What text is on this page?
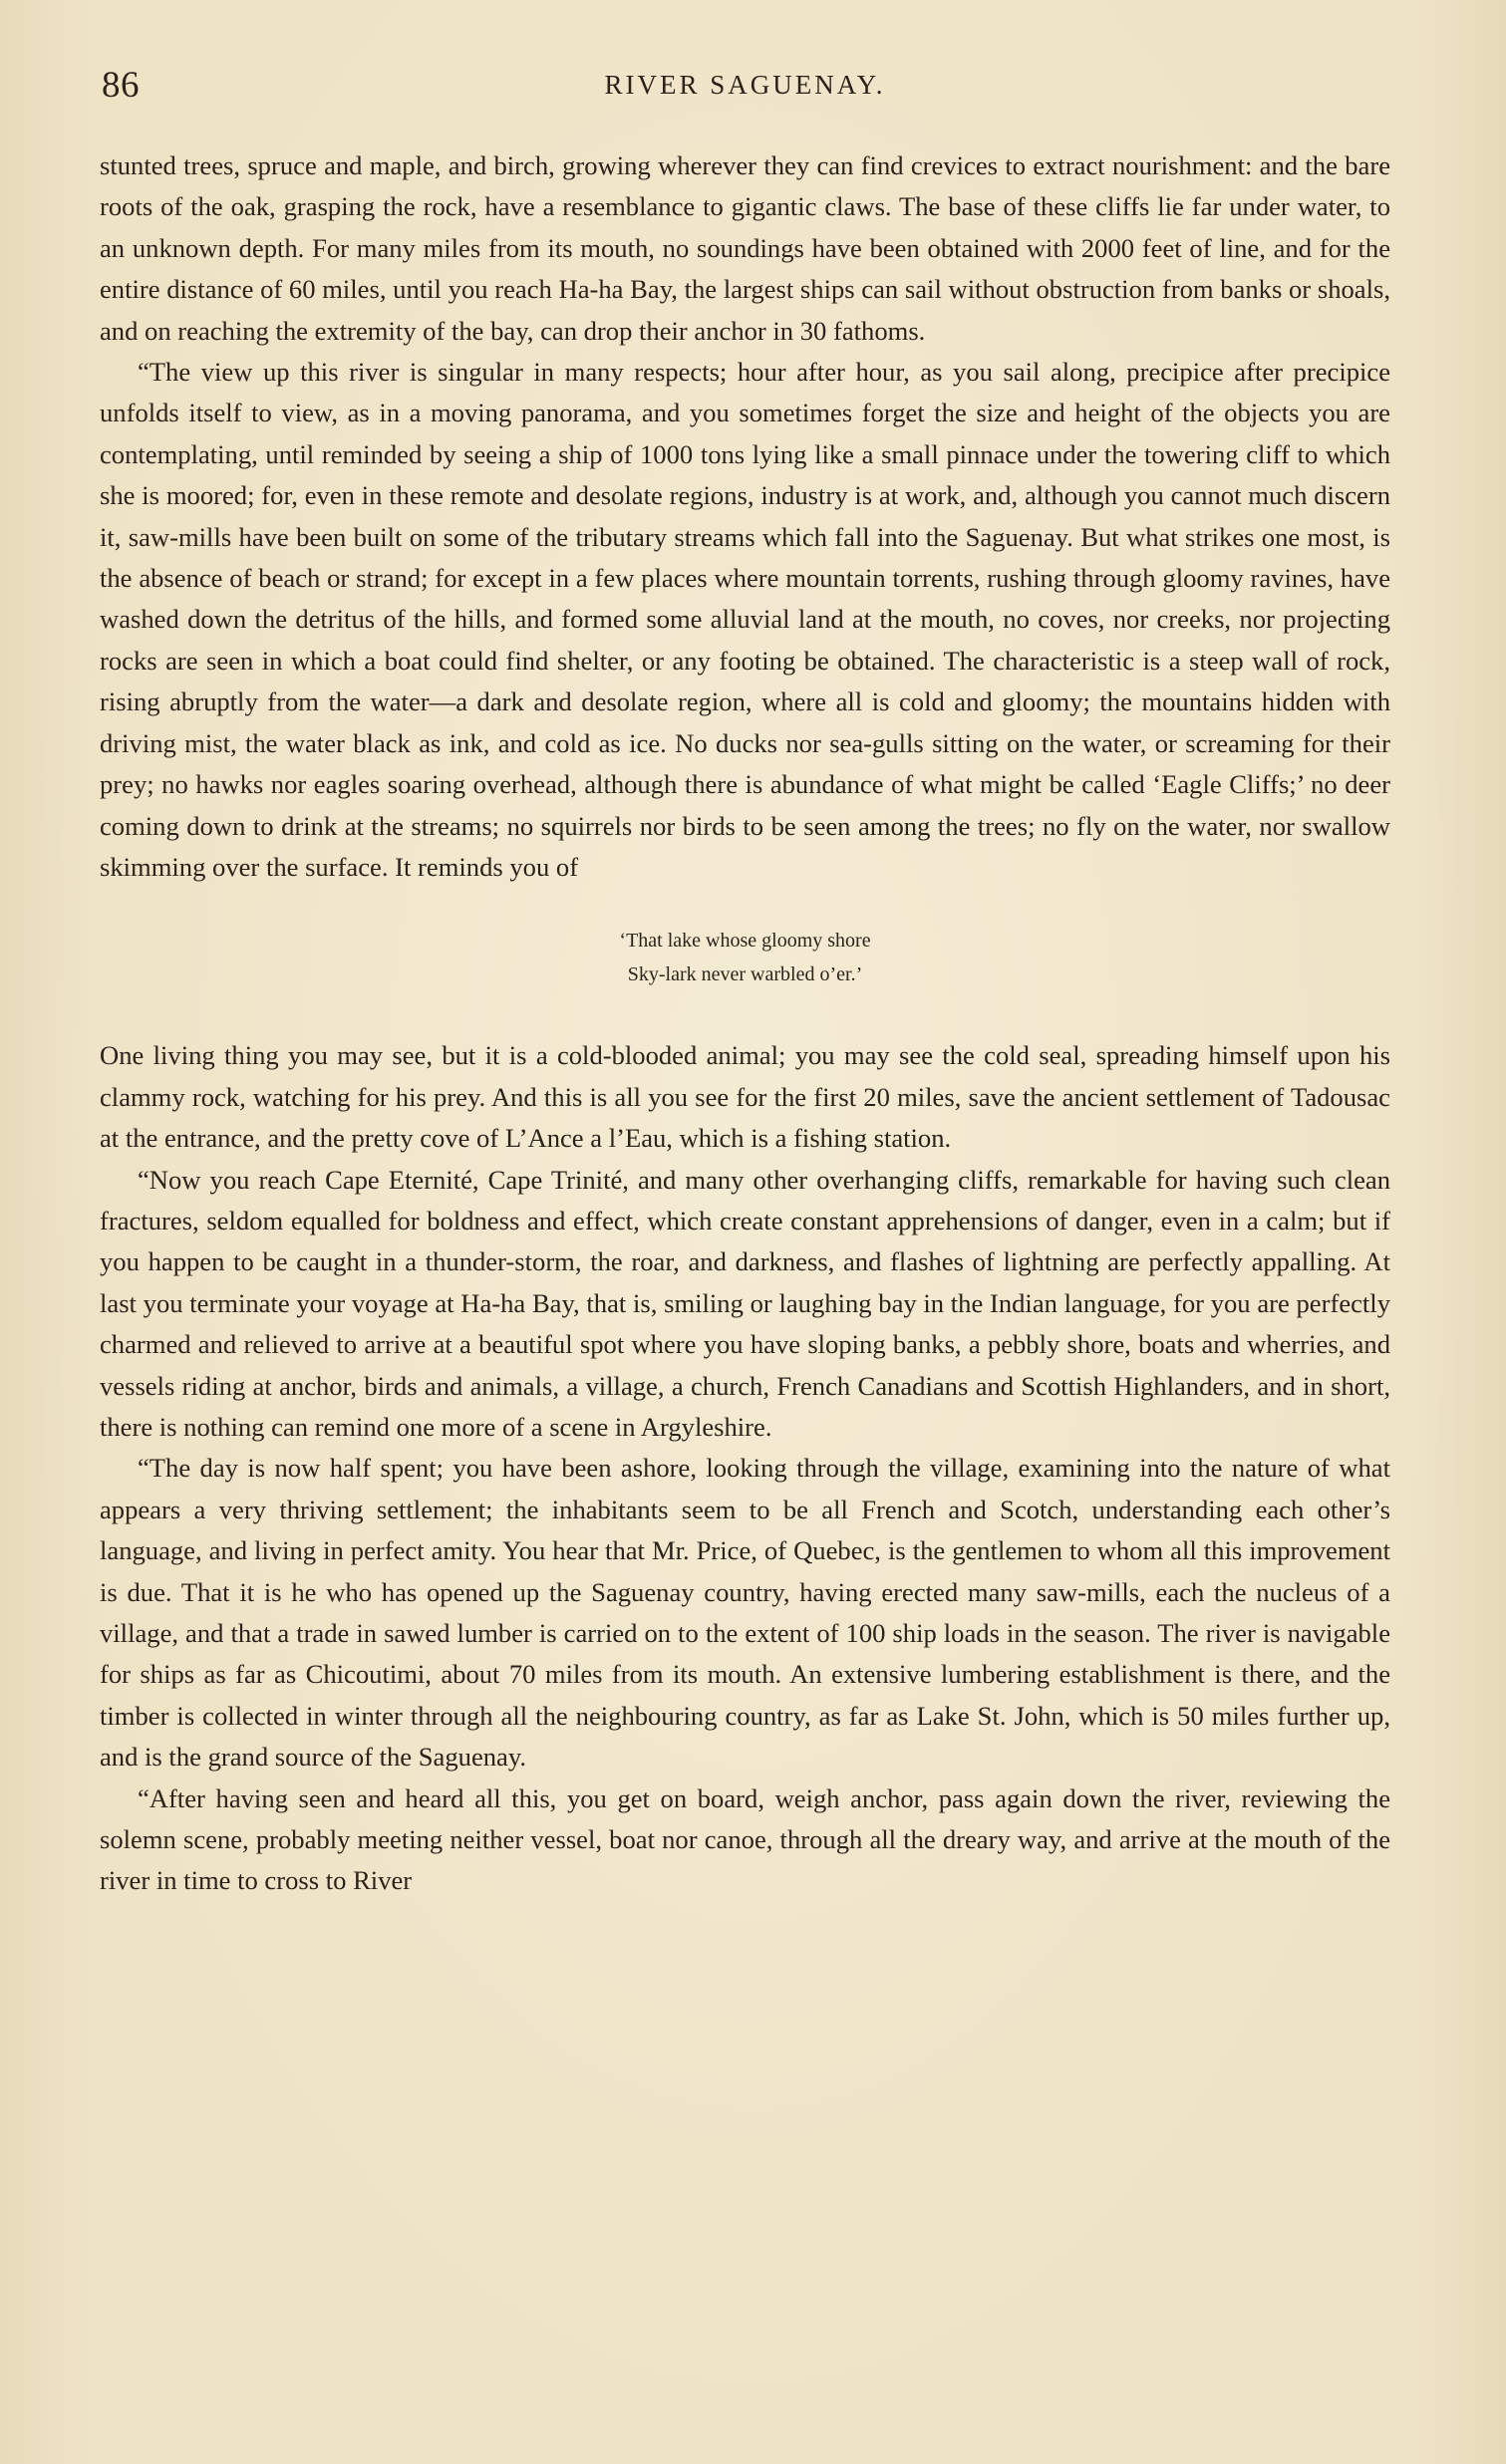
86	RIVER SAGUENAY.

stunted trees, spruce and maple, and birch, growing wherever they can find crevices to extract nourishment: and the bare roots of the oak, grasping the rock, have a resemblance to gigantic claws. The base of these cliffs lie far under water, to an unknown depth. For many miles from its mouth, no soundings have been obtained with 2000 feet of line, and for the entire distance of 60 miles, until you reach Ha-ha Bay, the largest ships can sail without obstruction from banks or shoals, and on reaching the extremity of the bay, can drop their anchor in 30 fathoms.

“The view up this river is singular in many respects; hour after hour, as you sail along, precipice after precipice unfolds itself to view, as in a moving panorama, and you sometimes forget the size and height of the objects you are contemplating, until reminded by seeing a ship of 1000 tons lying like a small pinnace under the towering cliff to which she is moored; for, even in these remote and desolate regions, industry is at work, and, although you cannot much discern it, saw-mills have been built on some of the tributary streams which fall into the Saguenay. But what strikes one most, is the absence of beach or strand; for except in a few places where mountain torrents, rushing through gloomy ravines, have washed down the detritus of the hills, and formed some alluvial land at the mouth, no coves, nor creeks, nor projecting rocks are seen in which a boat could find shelter, or any footing be obtained. The characteristic is a steep wall of rock, rising abruptly from the water—a dark and desolate region, where all is cold and gloomy; the mountains hidden with driving mist, the water black as ink, and cold as ice. No ducks nor sea-gulls sitting on the water, or screaming for their prey; no hawks nor eagles soaring overhead, although there is abundance of what might be called ‘Eagle Cliffs;’ no deer coming down to drink at the streams; no squirrels nor birds to be seen among the trees; no fly on the water, nor swallow skimming over the surface. It reminds you of

‘That lake whose gloomy shore
Sky-lark never warbled o’er.’

One living thing you may see, but it is a cold-blooded animal; you may see the cold seal, spreading himself upon his clammy rock, watching for his prey. And this is all you see for the first 20 miles, save the ancient settlement of Tadousac at the entrance, and the pretty cove of L’Ance a l’Eau, which is a fishing station.

“Now you reach Cape Eternité, Cape Trinité, and many other overhanging cliffs, remarkable for having such clean fractures, seldom equalled for boldness and effect, which create constant apprehensions of danger, even in a calm; but if you happen to be caught in a thunder-storm, the roar, and darkness, and flashes of lightning are perfectly appalling. At last you terminate your voyage at Ha-ha Bay, that is, smiling or laughing bay in the Indian language, for you are perfectly charmed and relieved to arrive at a beautiful spot where you have sloping banks, a pebbly shore, boats and wherries, and vessels riding at anchor, birds and animals, a village, a church, French Canadians and Scottish Highlanders, and in short, there is nothing can remind one more of a scene in Argyleshire.

“The day is now half spent; you have been ashore, looking through the village, examining into the nature of what appears a very thriving settlement; the inhabitants seem to be all French and Scotch, understanding each other’s language, and living in perfect amity. You hear that Mr. Price, of Quebec, is the gentlemen to whom all this improvement is due. That it is he who has opened up the Saguenay country, having erected many saw-mills, each the nucleus of a village, and that a trade in sawed lumber is carried on to the extent of 100 ship loads in the season. The river is navigable for ships as far as Chicoutimi, about 70 miles from its mouth. An extensive lumbering establishment is there, and the timber is collected in winter through all the neighbouring country, as far as Lake St. John, which is 50 miles further up, and is the grand source of the Saguenay.

“After having seen and heard all this, you get on board, weigh anchor, pass again down the river, reviewing the solemn scene, probably meeting neither vessel, boat nor canoe, through all the dreary way, and arrive at the mouth of the river in time to cross to River
